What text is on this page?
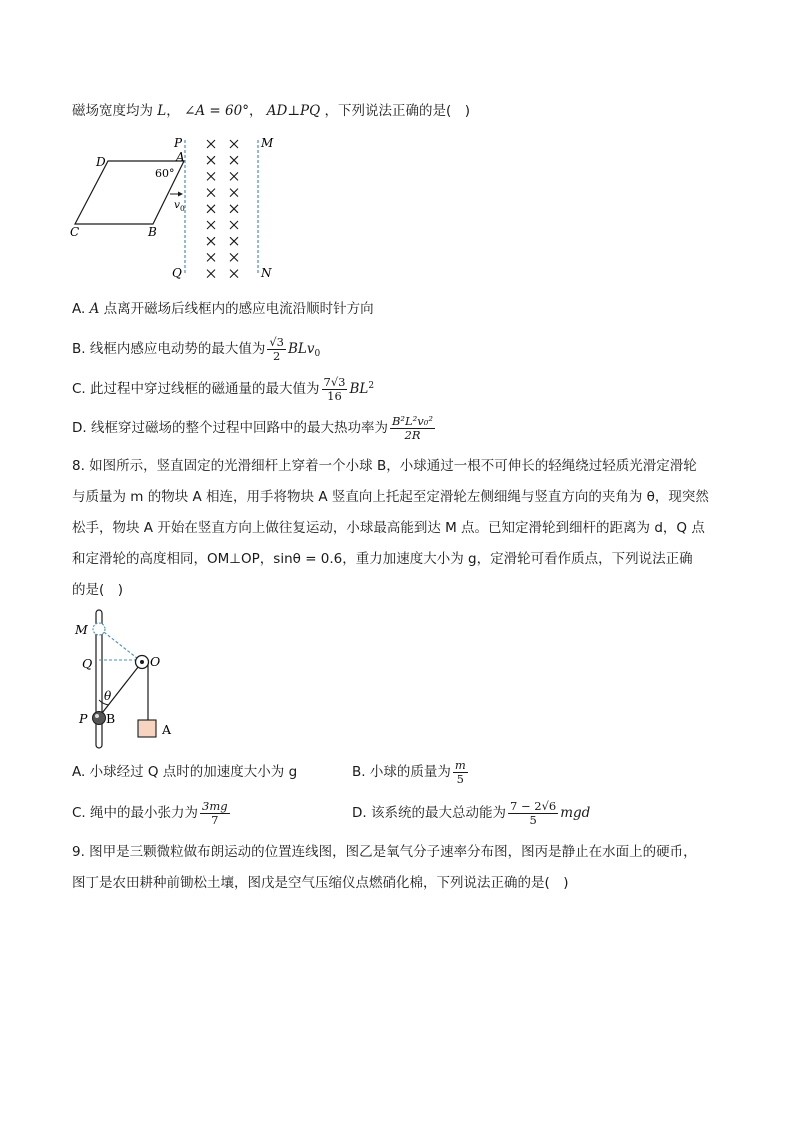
磁场宽度均为 L， ∠A = 60°， AD⊥PQ ，下列说法正确的是(　)
P
Q
M
N
D	A
C	B
60°
v 0
A. A 点离开磁场后线框内的感应电流沿顺时针方向
B. 线框内感应电动势的最大值为 $\frac{√3}{2} BLv_0$
C. 此过程中穿过线框的磁通量的最大值为 $\frac{7√3}{16} BL^2$
D. 线框穿过磁场的整个过程中回路中的最大热功率为 $\frac{\text{B²L²v₀²}}{2R}$
8. 如图所示，竖直固定的光滑细杆上穿着一个小球 B，小球通过一根不可伸长的轻绳绕过轻质光滑定滑轮
与质量为 m 的物块 A 相连，用手将物块 A 竖直向上托起至定滑轮左侧细绳与竖直方向的夹角为 θ，现突然
松手，物块 A 开始在竖直方向上做往复运动，小球最高能到达 M 点。已知定滑轮到细杆的距离为 d，Q 点
和定滑轮的高度相同，OM⊥OP，sinθ = 0.6，重力加速度大小为 g，定滑轮可看作质点，下列说法正确
的是(　)
M
Q	O
θ
P B
A
A. 小球经过 Q 点时的加速度大小为 g	B. 小球的质量为 $\frac{m}{5}$
C. 绳中的最小张力为 $\frac{3mg}{7}$	D. 该系统的最大总动能为 $\frac{7 - 2√6}{5}$ mgd
9. 图甲是三颗微粒做布朗运动的位置连线图，图乙是氧气分子速率分布图，图丙是静止在水面上的硬币，
图丁是农田耕种前锄松土壤，图戊是空气压缩仪点燃硝化棉，下列说法正确的是(　)
